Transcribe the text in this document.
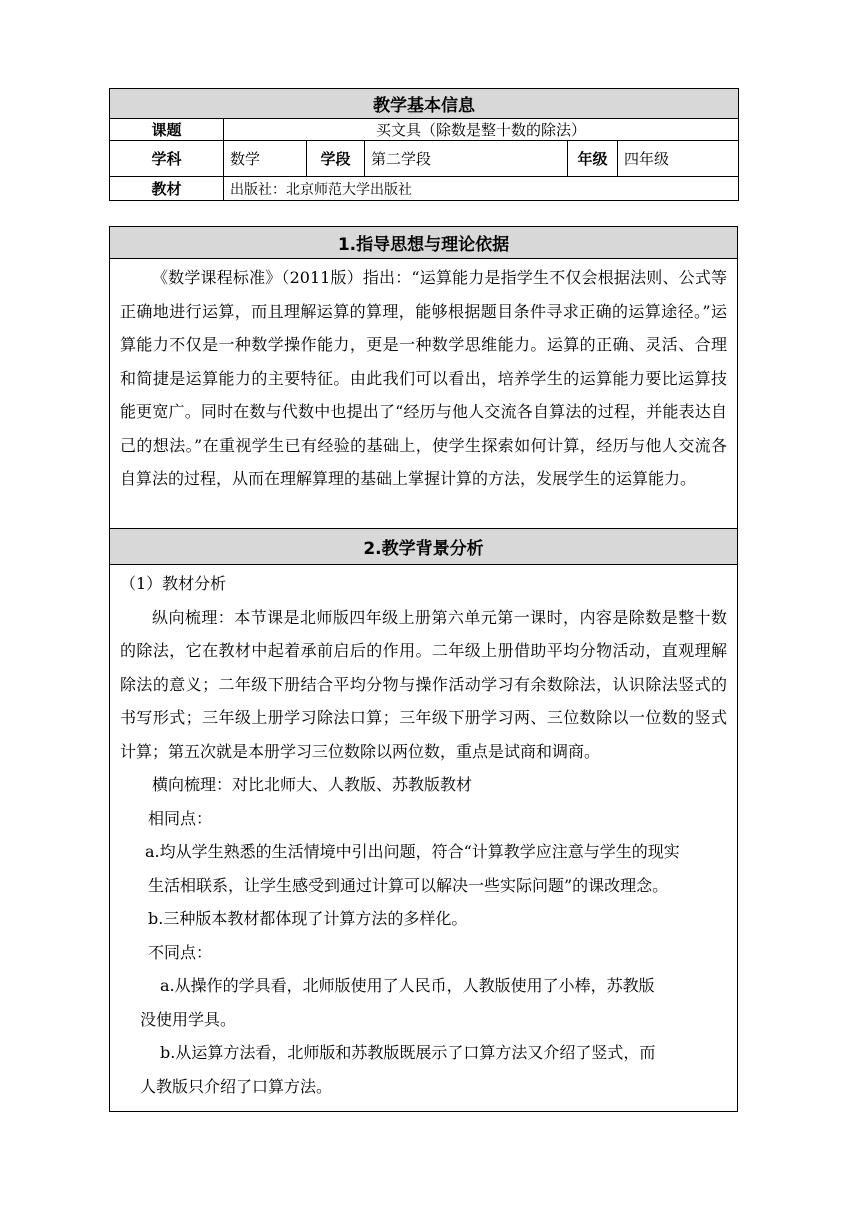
教学基本信息					
课题	买文具（除数是整十数的除法）				
学科	数学	学段	第二学段	年级	四年级
教材	出版社：北京师范大学出版社				
1.指导思想与理论依据

《数学课程标准》（2011版）指出：“运算能力是指学生不仅会根据法则、公式等正确地进行运算，而且理解运算的算理，能够根据题目条件寻求正确的运算途径。”运算能力不仅是一种数学操作能力，更是一种数学思维能力。运算的正确、灵活、合理和简捷是运算能力的主要特征。由此我们可以看出，培养学生的运算能力要比运算技能更宽广。同时在数与代数中也提出了“经历与他人交流各自算法的过程，并能表达自己的想法。”在重视学生已有经验的基础上，使学生探索如何计算，经历与他人交流各自算法的过程，从而在理解算理的基础上掌握计算的方法，发展学生的运算能力。

2.教学背景分析

（1）教材分析

纵向梳理：本节课是北师版四年级上册第六单元第一课时，内容是除数是整十数的除法，它在教材中起着承前启后的作用。二年级上册借助平均分物活动，直观理解除法的意义；二年级下册结合平均分物与操作活动学习有余数除法，认识除法竖式的书写形式；三年级上册学习除法口算；三年级下册学习两、三位数除以一位数的竖式计算；第五次就是本册学习三位数除以两位数，重点是试商和调商。

横向梳理：对比北师大、人教版、苏教版教材

相同点：

a.均从学生熟悉的生活情境中引出问题，符合“计算教学应注意与学生的现实

生活相联系，让学生感受到通过计算可以解决一些实际问题”的课改理念。

b.三种版本教材都体现了计算方法的多样化。

不同点：

a.从操作的学具看，北师版使用了人民币，人教版使用了小棒，苏教版

没使用学具。

b.从运算方法看，北师版和苏教版既展示了口算方法又介绍了竖式，而

人教版只介绍了口算方法。
